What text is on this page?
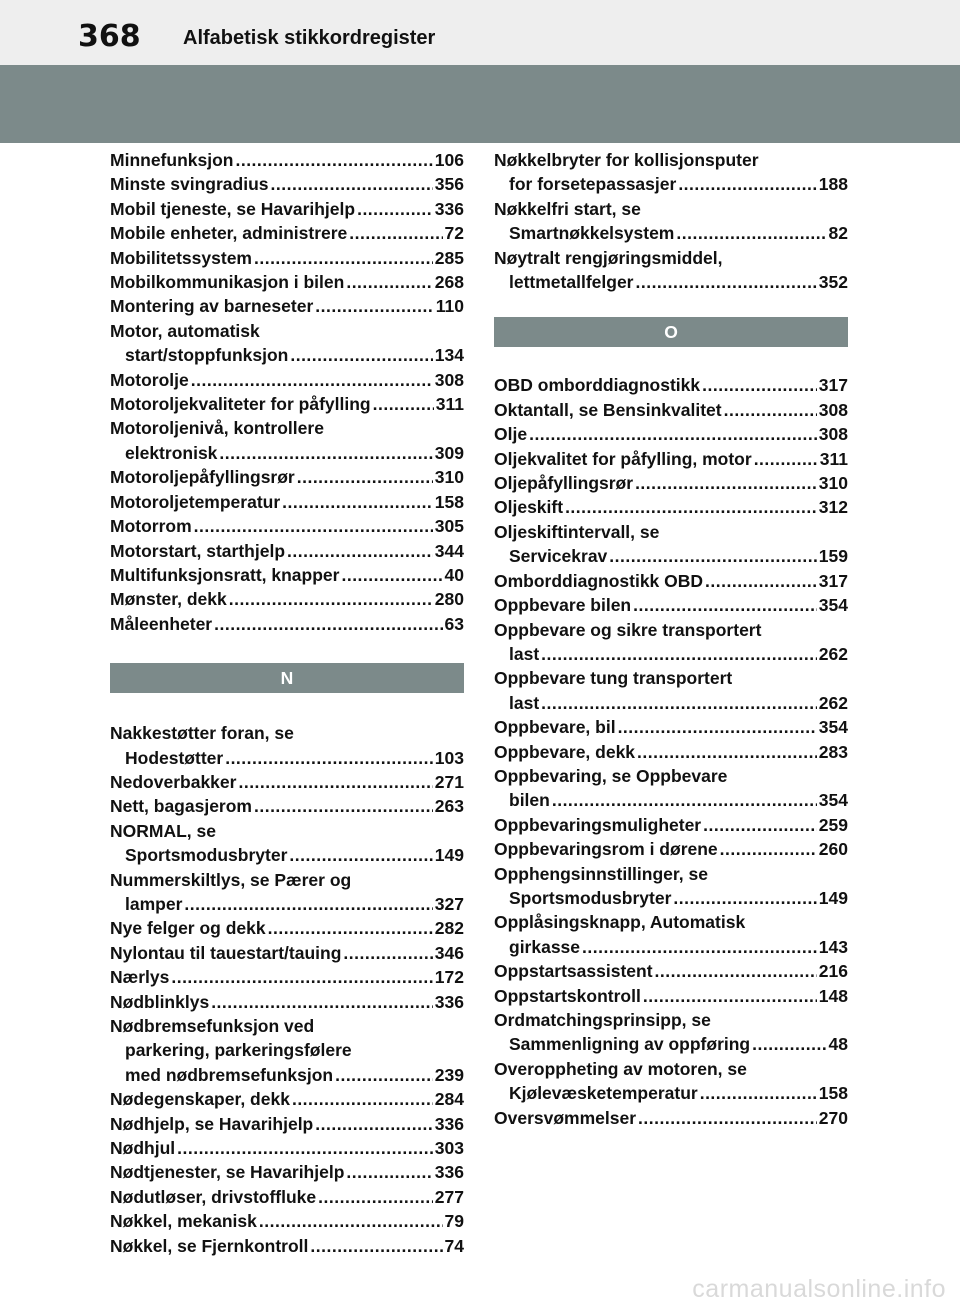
368 Alfabetisk stikkordregister
Minnefunksjon .....	106
Minste svingradius .....	356
Mobil tjeneste, se Havarihjelp .....	336
Mobile enheter, administrere .....	72
Mobilitetssystem .....	285
Mobilkommunikasjon i bilen .....	268
Montering av barneseter .....	110
Motor, automatisk
start/stoppfunksjon .....	134
Motorolje .....	308
Motoroljekvaliteter for påfylling .....	311
Motoroljenivå, kontrollere
elektronisk .....	309
Motoroljepåfyllingsrør .....	310
Motoroljetemperatur .....	158
Motorrom .....	305
Motorstart, starthjelp .....	344
Multifunksjonsratt, knapper .....	40
Mønster, dekk .....	280
Måleenheter .....	63
N
Nakkestøtter foran, se
Hodestøtter .....	103
Nedoverbakker .....	271
Nett, bagasjerom .....	263
NORMAL, se
Sportsmodusbryter .....	149
Nummerskiltlys, se Pærer og
lamper .....	327
Nye felger og dekk .....	282
Nylontau til tauestart/tauing .....	346
Nærlys .....	172
Nødblinklys .....	336
Nødbremsefunksjon ved
parkering, parkeringsfølere
med nødbremsefunksjon .....	239
Nødegenskaper, dekk .....	284
Nødhjelp, se Havarihjelp .....	336
Nødhjul .....	303
Nødtjenester, se Havarihjelp .....	336
Nødutløser, drivstoffluke .....	277
Nøkkel, mekanisk .....	79
Nøkkel, se Fjernkontroll .....	74
Nøkkelbryter for kollisjonsputer
for forsetepassasjer .....	188
Nøkkelfri start, se
Smartnøkkelsystem .....	82
Nøytralt rengjøringsmiddel,
lettmetallfelger .....	352
O
OBD omborddiagnostikk .....	317
Oktantall, se Bensinkvalitet .....	308
Olje .....	308
Oljekvalitet for påfylling, motor .....	311
Oljepåfyllingsrør .....	310
Oljeskift .....	312
Oljeskiftintervall, se
Servicekrav .....	159
Omborddiagnostikk OBD .....	317
Oppbevare bilen .....	354
Oppbevare og sikre transportert
last .....	262
Oppbevare tung transportert
last .....	262
Oppbevare, bil .....	354
Oppbevare, dekk .....	283
Oppbevaring, se Oppbevare
bilen .....	354
Oppbevaringsmuligheter .....	259
Oppbevaringsrom i dørene .....	260
Opphengsinnstillinger, se
Sportsmodusbryter .....	149
Opplåsingsknapp, Automatisk
girkasse .....	143
Oppstartsassistent .....	216
Oppstartskontroll .....	148
Ordmatchingsprinsipp, se
Sammenligning av oppføring .....	48
Overoppheting av motoren, se
Kjølevæsketemperatur .....	158
Oversvømmelser .....	270
carmanualsonline.info
